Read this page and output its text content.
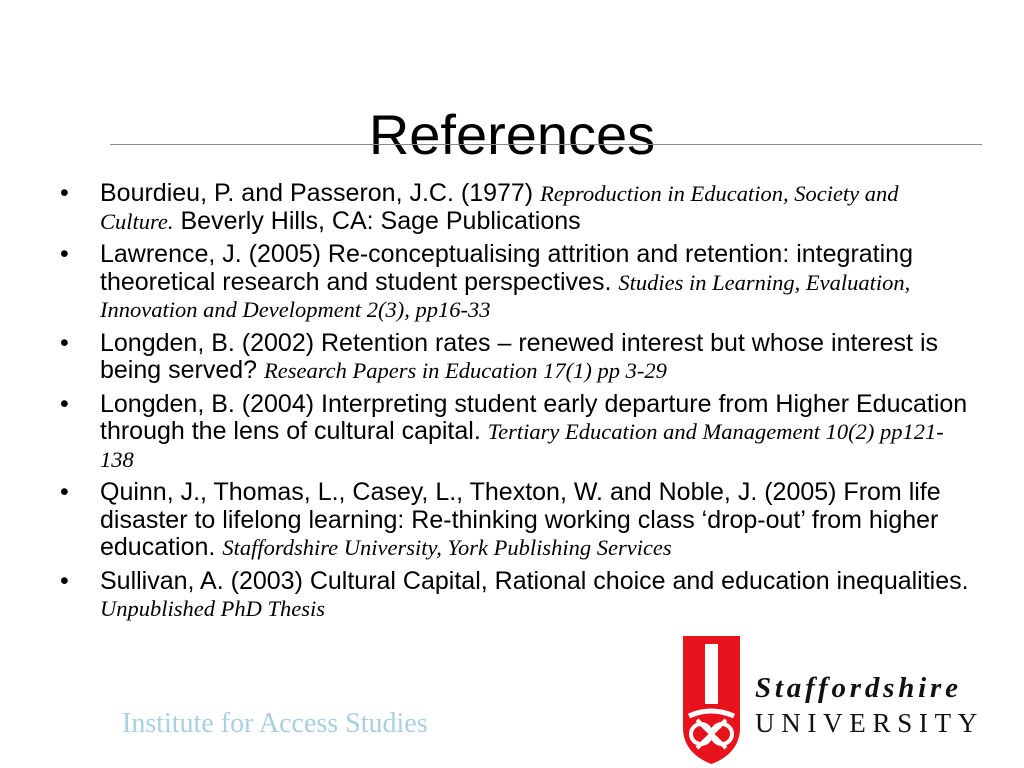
References
• Bourdieu, P. and Passeron, J.C. (1977) Reproduction in Education, Society and Culture. Beverly Hills, CA: Sage Publications
• Lawrence, J. (2005) Re-conceptualising attrition and retention: integrating theoretical research and student perspectives. Studies in Learning, Evaluation, Innovation and Development 2(3), pp16-33
• Longden, B. (2002) Retention rates – renewed interest but whose interest is being served? Research Papers in Education 17(1) pp 3-29
• Longden, B. (2004) Interpreting student early departure from Higher Education through the lens of cultural capital. Tertiary Education and Management 10(2) pp121-138
• Quinn, J., Thomas, L., Casey, L., Thexton, W. and Noble, J. (2005) From life disaster to lifelong learning: Re-thinking working class ‘drop-out’ from higher education. Staffordshire University, York Publishing Services
• Sullivan, A. (2003) Cultural Capital, Rational choice and education inequalities. Unpublished PhD Thesis
Institute for Access Studies
Staffordshire
UNIVERSITY
